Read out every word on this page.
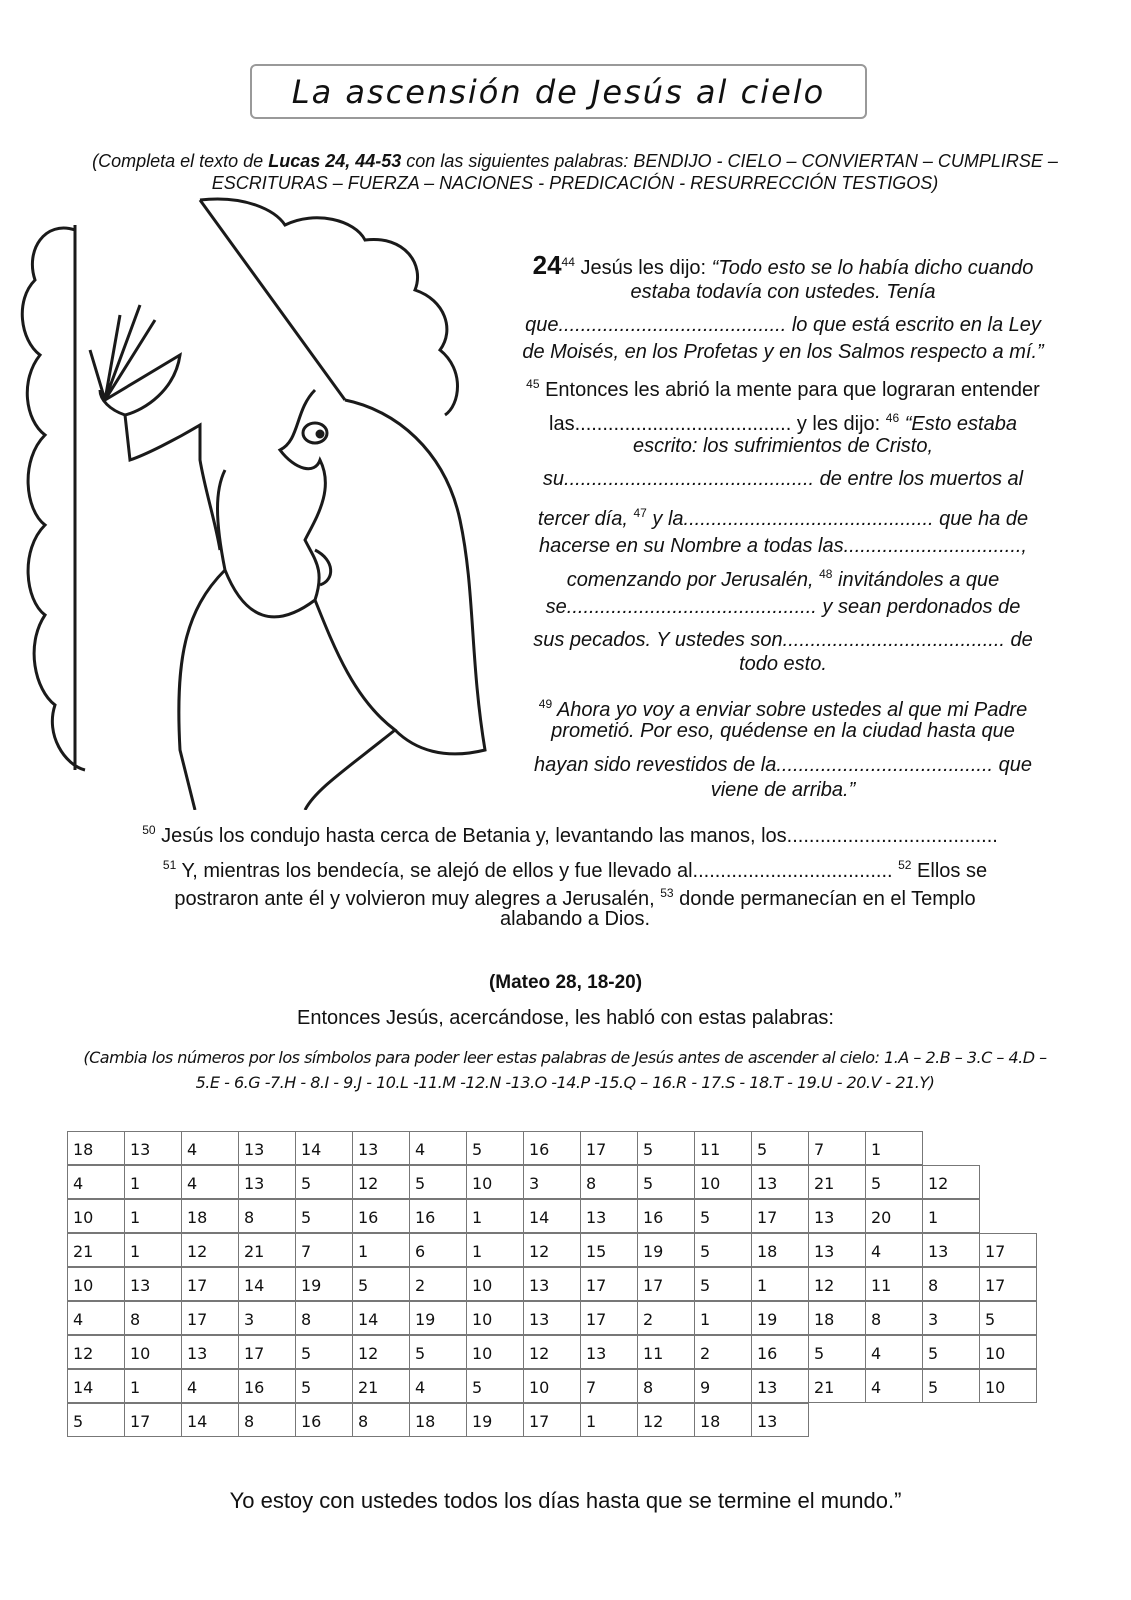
La ascensión de Jesús al cielo
(Completa el texto de Lucas 24, 44-53 con las siguientes palabras: BENDIJO - CIELO – CONVIERTAN – CUMPLIRSE – ESCRITURAS – FUERZA – NACIONES - PREDICACIÓN - RESURRECCIÓN TESTIGOS)
$24^{44}$ Jesús les dijo: “Todo esto se lo había dicho cuando
estaba todavía con ustedes. Tenía
que......................................... lo que está escrito en la Ley
de Moisés, en los Profetas y en los Salmos respecto a mí.”
$^{45}$ Entonces les abrió la mente para que lograran entender
las....................................... y les dijo: $^{46}$ “Esto estaba
escrito: los sufrimientos de Cristo,
su............................................. de entre los muertos al
tercer día, $^{47}$ y la............................................. que ha de
hacerse en su Nombre a todas las................................,
comenzando por Jerusalén, $^{48}$ invitándoles a que
se............................................. y sean perdonados de
sus pecados. Y ustedes son........................................ de
todo esto.
$^{49}$ Ahora yo voy a enviar sobre ustedes al que mi Padre
prometió. Por eso, quédense en la ciudad hasta que
hayan sido revestidos de la....................................... que
viene de arriba.”
$^{50}$ Jesús los condujo hasta cerca de Betania y, levantando las manos, los......................................
$^{51}$ Y, mientras los bendecía, se alejó de ellos y fue llevado al.................................... $^{52}$ Ellos se
postraron ante él y volvieron muy alegres a Jerusalén, $^{53}$ donde permanecían en el Templo
alabando a Dios.
(Mateo 28, 18-20)
Entonces Jesús, acercándose, les habló con estas palabras:
(Cambia los números por los símbolos para poder leer estas palabras de Jesús antes de ascender al cielo: 1.A – 2.B – 3.C – 4.D – 5.E - 6.G -7.H - 8.I - 9.J - 10.L -11.M -12.N -13.O -14.P -15.Q – 16.R - 17.S - 18.T - 19.U - 20.V - 21.Y)
18	13	4	13	14	13	4	5	16	17	5	11	5	7	1
4	1	4	13	5	12	5	10	3	8	5	10	13	21	5	12
10	1	18	8	5	16	16	1	14	13	16	5	17	13	20	1
21	1	12	21	7	1	6	1	12	15	19	5	18	13	4	13	17
10	13	17	14	19	5	2	10	13	17	17	5	1	12	11	8	17
4	8	17	3	8	14	19	10	13	17	2	1	19	18	8	3	5
12	10	13	17	5	12	5	10	12	13	11	2	16	5	4	5	10
14	1	4	16	5	21	4	5	10	7	8	9	13	21	4	5	10
5	17	14	8	16	8	18	19	17	1	12	18	13
Yo estoy con ustedes todos los días hasta que se termine el mundo.”
